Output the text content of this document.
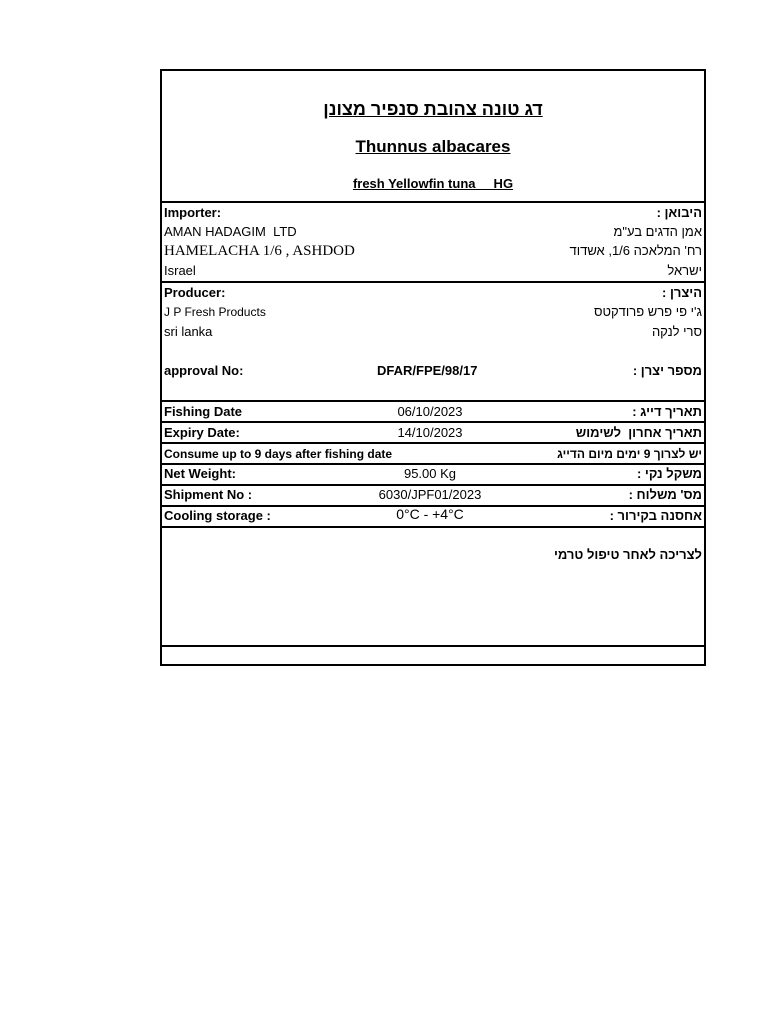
דג טונה צהובת סנפיר מצונן
Thunnus albacares
fresh Yellowfin tuna     HG
Importer:	היבואן :
AMAN HADAGIM  LTD	אמן הדגים בע"מ
HAMELACHA 1/6 , ASHDOD	רח' המלאכה 1/6, אשדוד
Israel	ישראל
Producer:	היצרן :
J P Fresh Products	ג'י פי פרש פרודקטס
sri lanka	סרי לנקה
approval No:	DFAR/FPE/98/17	מספר יצרן :
Fishing Date	06/10/2023	תאריך דייג :
Expiry Date:	14/10/2023	תאריך אחרון  לשימוש
Consume up to 9 days after fishing date	יש לצרוך 9 ימים מיום הדייג
Net Weight:	95.00 Kg	משקל נקי :
Shipment No :	6030/JPF01/2023	מס' משלוח :
Cooling storage :	0°C - +4°C	אחסנה בקירור :
לצריכה לאחר טיפול טרמי
